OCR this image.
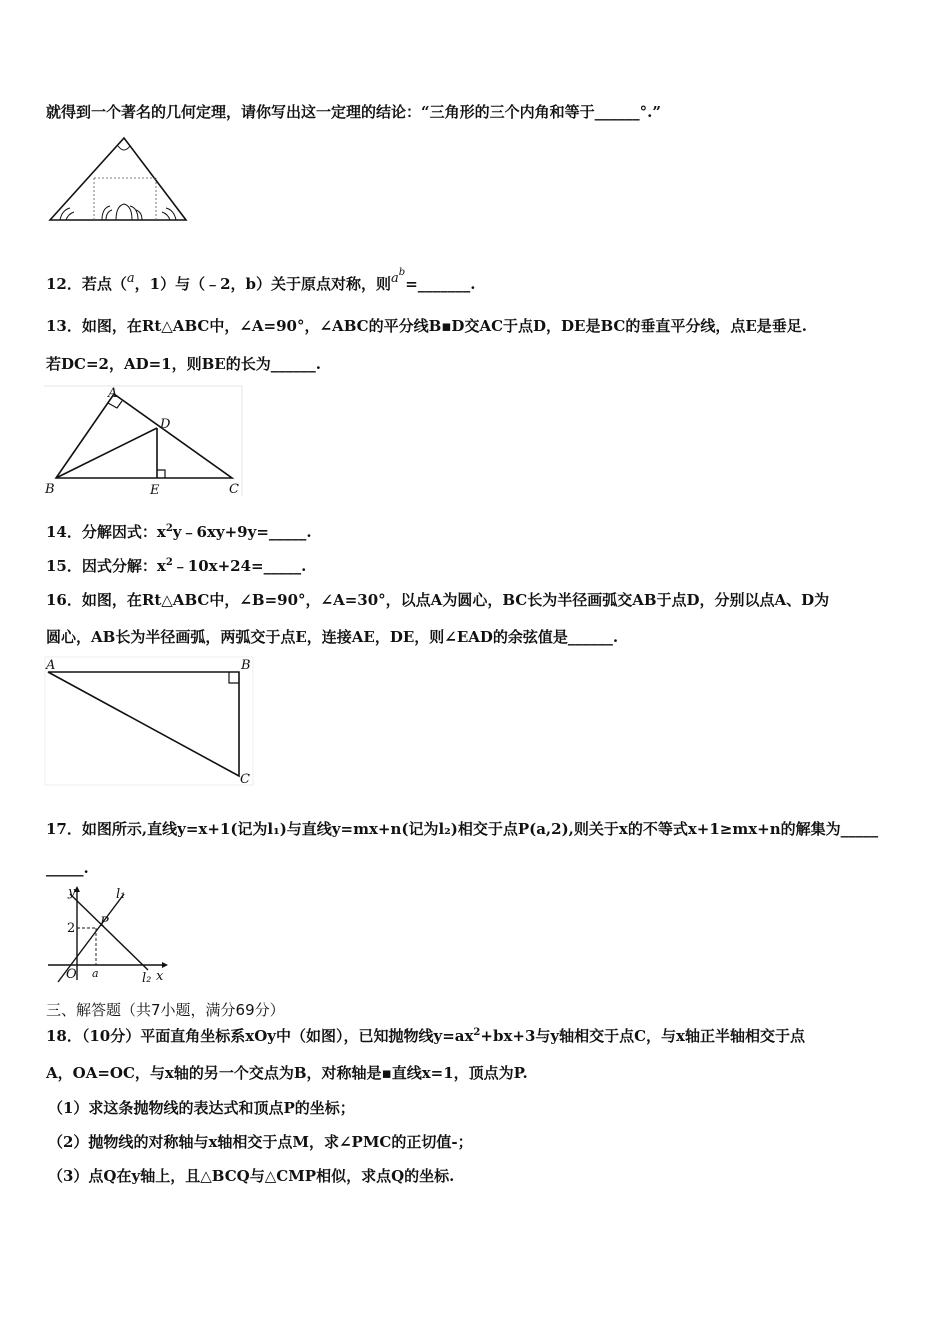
就得到一个著名的几何定理，请你写出这一定理的结论：“三角形的三个内角和等于______°.”
12．若点（a，1）与（﹣2，b）关于原点对称，则$a^b=\_\_\_\_\_\_\_$.
13．如图，在Rt△ABC中，∠A=90°，∠ABC的平分线B▪D交AC于点D，DE是BC的垂直平分线，点E是垂足.
若DC=2，AD=1，则BE的长为______.
A
B	C
D
E
14．分解因式：$x^2y﹣6xy+9y=\_\_\_\_\_$.
15．因式分解：$x^2﹣10x+24=\_\_\_\_\_$.
16．如图，在Rt△ABC中，∠B=90°，∠A=30°，以点A为圆心，BC长为半径画弧交AB于点D，分别以点A、D为
圆心，AB长为半径画弧，两弧交于点E，连接AE，DE，则∠EAD的余弦值是______.
A	B
C
17．如图所示,直线y=x+1(记为l₁)与直线y=mx+n(记为l₂)相交于点P(a,2),则关于x的不等式x+1≥mx+n的解集为_____
_____.
y
x
O
2
a
P
l₁
l₂
三、解答题（共7小题，满分69分）
18．（10分）平面直角坐标系xOy中（如图），已知抛物线$y=ax^2+bx+3$与y轴相交于点C，与x轴正半轴相交于点
A，OA=OC，与x轴的另一个交点为B，对称轴是▪直线x=1，顶点为P.
（1）求这条抛物线的表达式和顶点P的坐标；
（2）抛物线的对称轴与x轴相交于点M，求∠PMC的正切值-；
（3）点Q在y轴上，且△BCQ与△CMP相似，求点Q的坐标.
